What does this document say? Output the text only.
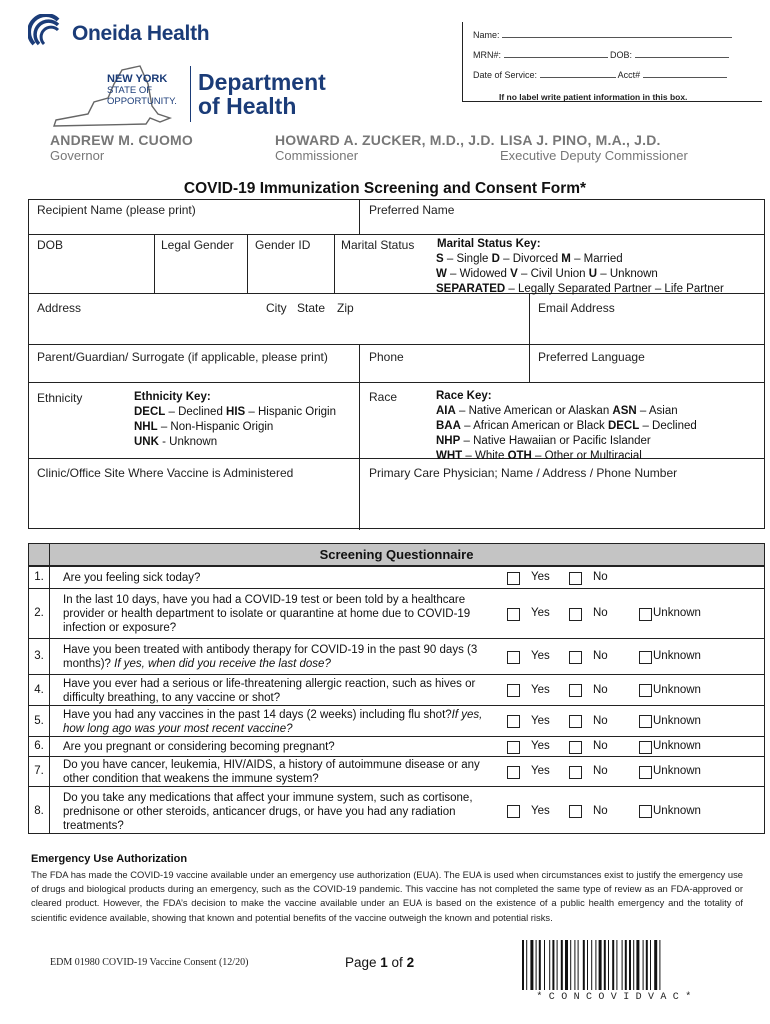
Oneida Health
NEW YORK
STATE OF
OPPORTUNITY.
Department
of Health
ANDREW M. CUOMO
Governor
HOWARD A. ZUCKER, M.D., J.D.
Commissioner
LISA J. PINO, M.A., J.D.
Executive Deputy Commissioner
Name:
MRN#:	DOB:
Date of Service:	Acct#
If no label write patient information in this box.
COVID-19 Immunization Screening and Consent Form*
Recipient Name (please print)	Preferred Name
DOB	Legal Gender Gender ID	Marital Status Marital Status Key:
S – Single D – Divorced M – Married
W – Widowed V – Civil Union U – Unknown
SEPARATED – Legally Separated Partner – Life Partner
Address	City State Zip	Email Address
Parent/Guardian/ Surrogate (if applicable, please print)	Phone	Preferred Language
Ethnicity	Ethnicity Key:
DECL – Declined HIS – Hispanic Origin
NHL – Non-Hispanic Origin
UNK - Unknown
Race	Race Key:
AIA – Native American or Alaskan ASN – Asian
BAA – African American or Black DECL – Declined
NHP – Native Hawaiian or Pacific Islander
WHT – White OTH – Other or Multiracial
Clinic/Office Site Where Vaccine is Administered	Primary Care Physician; Name / Address / Phone Number
Screening Questionnaire
1.	Are you feeling sick today?	Yes	No
2.
In the last 10 days, have you had a COVID-19 test or been told by a healthcare provider or health department to isolate or quarantine at home due to COVID-19 infection or exposure?
Yes	No	Unknown
3.	Have you been treated with antibody therapy for COVID-19 in the past 90 days (3 months)? If yes, when did you receive the last dose?
Yes	No	Unknown
4.	Have you ever had a serious or life-threatening allergic reaction, such as hives or difficulty breathing, to any vaccine or shot?
Yes	No	Unknown
5.	Have you had any vaccines in the past 14 days (2 weeks) including flu shot?If yes, how long ago was your most recent vaccine?
Yes	No	Unknown
6.	Are you pregnant or considering becoming pregnant?	Yes	No	Unknown
7.	Do you have cancer, leukemia, HIV/AIDS, a history of autoimmune disease or any other condition that weakens the immune system?
Yes	No	Unknown
8.
Do you take any medications that affect your immune system, such as cortisone, prednisone or other steroids, anticancer drugs, or have you had any radiation treatments?
Yes	No	Unknown
Emergency Use Authorization
The FDA has made the COVID-19 vaccine available under an emergency use authorization (EUA). The EUA is used when circumstances exist to justify the emergency use of drugs and biological products during an emergency, such as the COVID-19 pandemic. This vaccine has not completed the same type of review as an FDA-approved or cleared product. However, the FDA’s decision to make the vaccine available under an EUA is based on the existence of a public health emergency and the totality of scientific evidence available, showing that known and potential benefits of the vaccine outweigh the known and potential risks.
EDM 01980 COVID-19 Vaccine Consent (12/20)	Page 1 of 2
*CONCOVIDVAC*
